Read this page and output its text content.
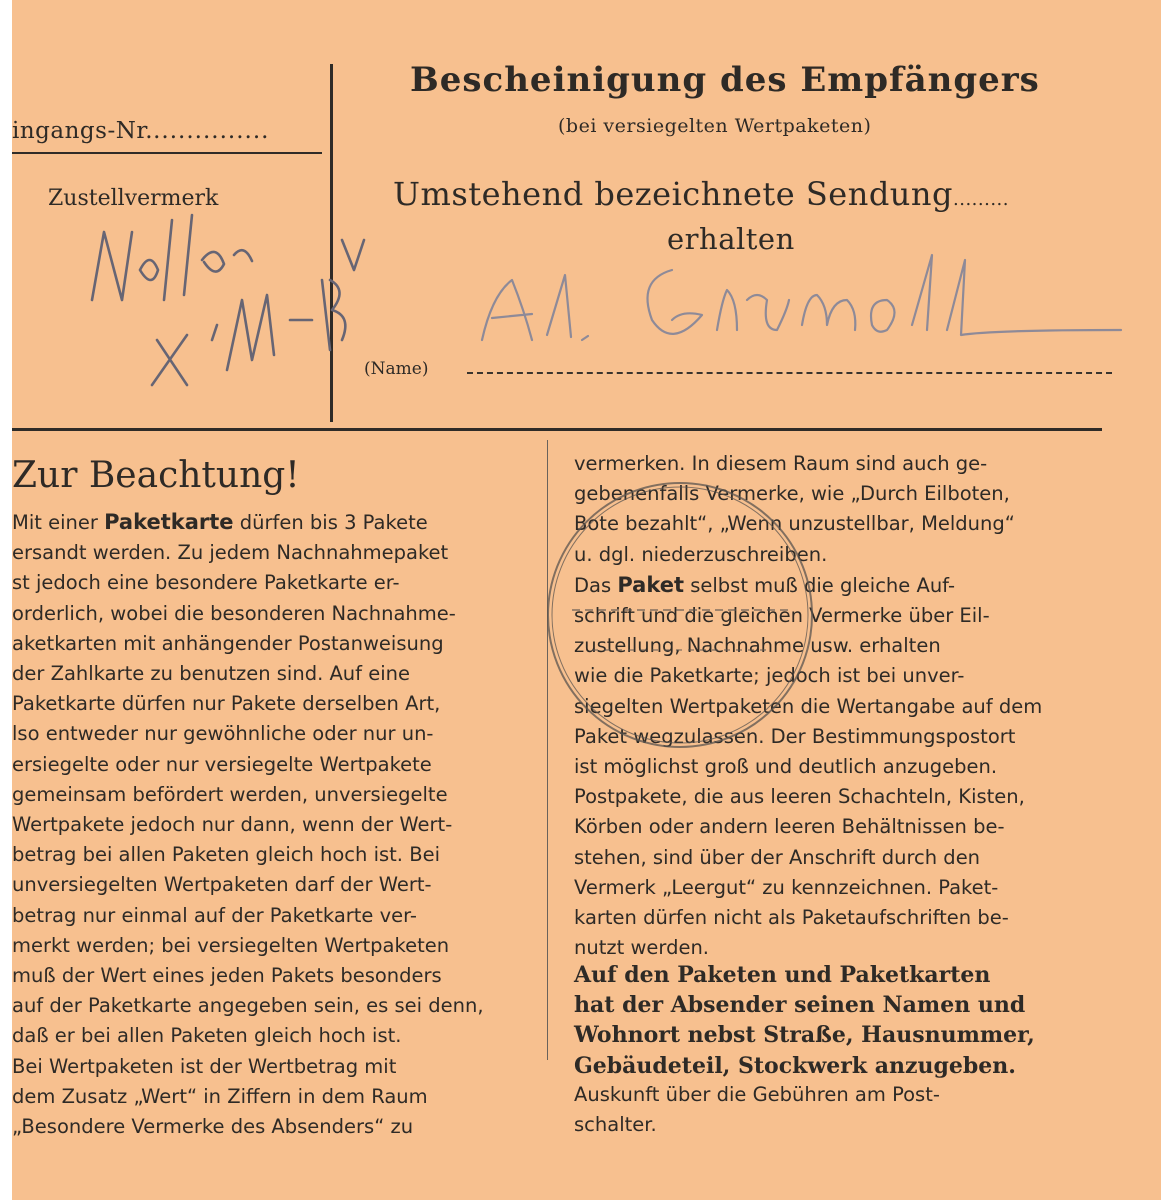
Bescheinigung des Empfängers
(bei versiegelten Wertpaketen)
ingangs-Nr...............
Zustellvermerk	Umstehend bezeichnete Sendung.........
erhalten
(Name)
Zur Beachtung!
Mit einer Paketkarte dürfen bis 3 Pakete
ersandt werden. Zu jedem Nachnahmepaket
st jedoch eine besondere Paketkarte er-
orderlich, wobei die besonderen Nachnahme-
aketkarten mit anhängender Postanweisung
der Zahlkarte zu benutzen sind. Auf eine
Paketkarte dürfen nur Pakete derselben Art,
lso entweder nur gewöhnliche oder nur un-
ersiegelte oder nur versiegelte Wertpakete
gemeinsam befördert werden, unversiegelte
Wertpakete jedoch nur dann, wenn der Wert-
betrag bei allen Paketen gleich hoch ist. Bei
unversiegelten Wertpaketen darf der Wert-
betrag nur einmal auf der Paketkarte ver-
merkt werden; bei versiegelten Wertpaketen
muß der Wert eines jeden Pakets besonders
auf der Paketkarte angegeben sein, es sei denn,
daß er bei allen Paketen gleich hoch ist.
Bei Wertpaketen ist der Wertbetrag mit
dem Zusatz „Wert“ in Ziffern in dem Raum
„Besondere Vermerke des Absenders“ zu
vermerken. In diesem Raum sind auch ge-
gebenenfalls Vermerke, wie „Durch Eilboten,
Bote bezahlt“, „Wenn unzustellbar, Meldung“
u. dgl. niederzuschreiben.
Das Paket selbst muß die gleiche Auf-
schrift und die gleichen Vermerke über Eil-
zustellung, Nachnahme usw. erhalten
wie die Paketkarte; jedoch ist bei unver-
siegelten Wertpaketen die Wertangabe auf dem
Paket wegzulassen. Der Bestimmungspostort
ist möglichst groß und deutlich anzugeben.
Postpakete, die aus leeren Schachteln, Kisten,
Körben oder andern leeren Behältnissen be-
stehen, sind über der Anschrift durch den
Vermerk „Leergut“ zu kennzeichnen. Paket-
karten dürfen nicht als Paketaufschriften be-
nutzt werden.
Auf den Paketen und Paketkarten
hat der Absender seinen Namen und
Wohnort nebst Straße, Hausnummer,
Gebäudeteil, Stockwerk anzugeben.
Auskunft über die Gebühren am Post-
schalter.
